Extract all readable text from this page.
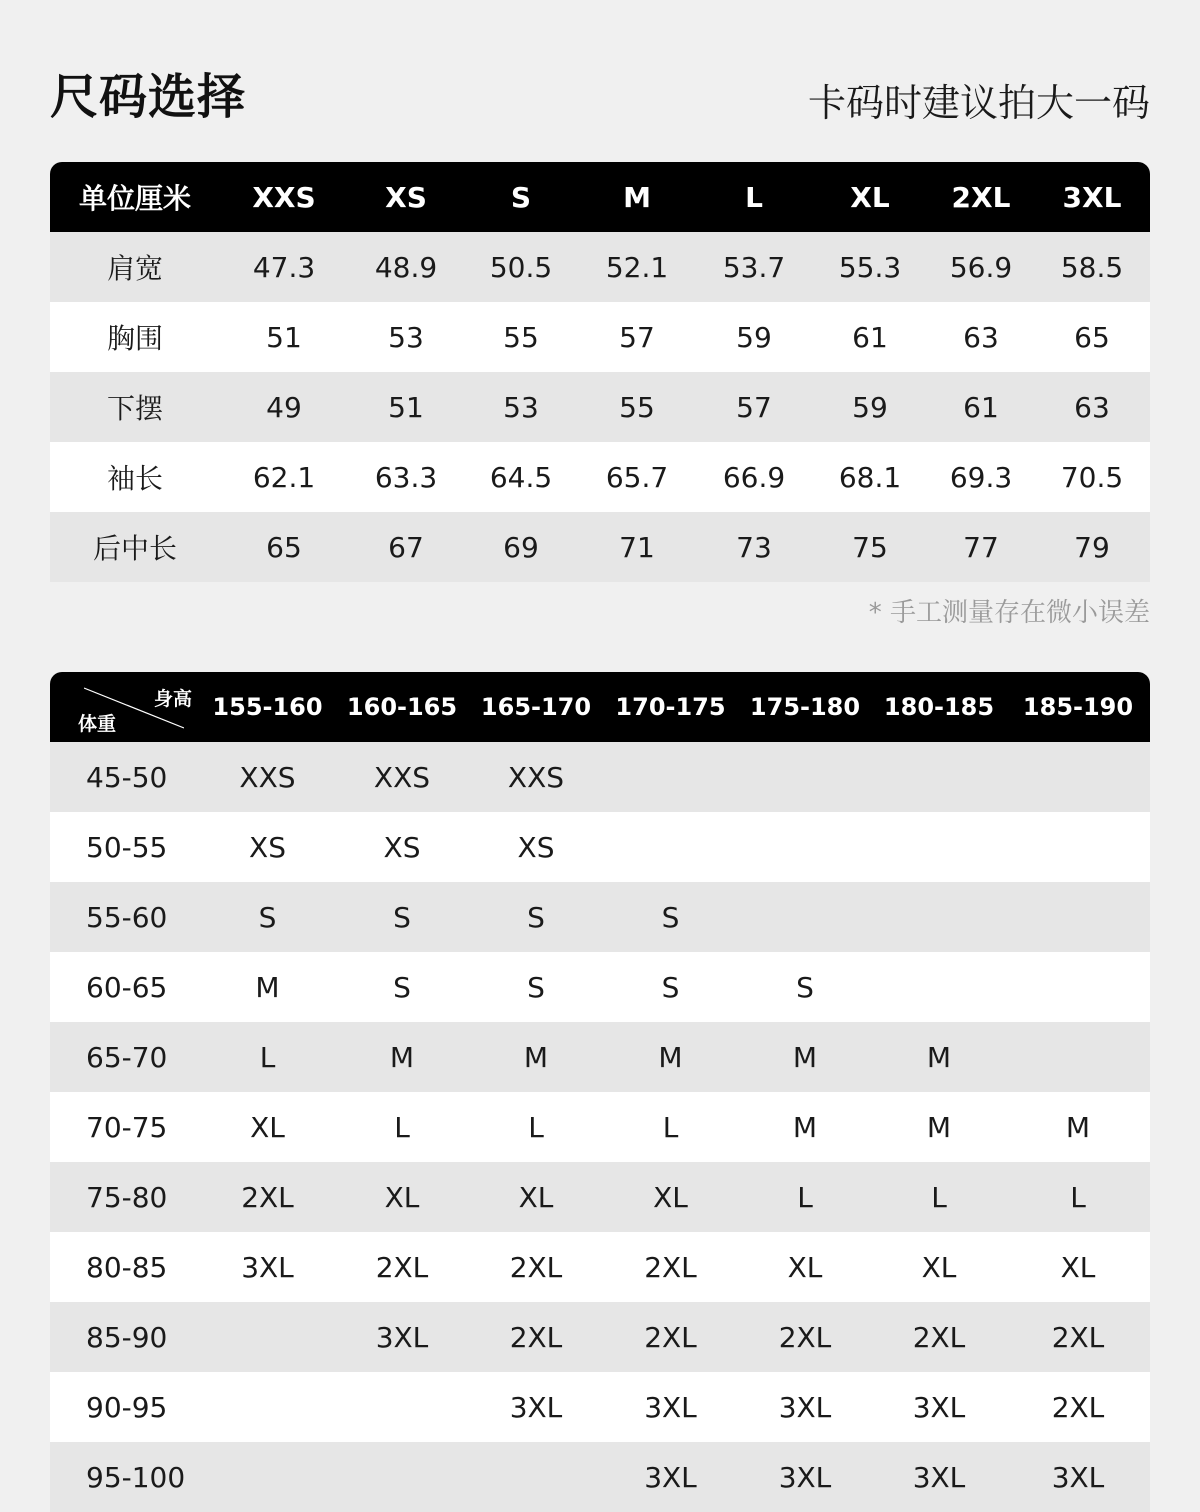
尺码选择	卡码时建议拍大一码
单位厘米	XXS	XS	S	M	L	XL	2XL	3XL
肩宽	47.3	48.9	50.5	52.1	53.7	55.3	56.9	58.5
胸围	51	53	55	57	59	61	63	65
下摆	49	51	53	55	57	59	61	63
袖长	62.1	63.3	64.5	65.7	66.9	68.1	69.3	70.5
后中长	65	67	69	71	73	75	77	79
* 手工测量存在微小误差
身高
体重	155-160	160-165	165-170	170-175	175-180	180-185	185-190
45-50	XXS	XXS	XXS				
50-55	XS	XS	XS				
55-60	S	S	S	S			
60-65	M	S	S	S	S		
65-70	L	M	M	M	M	M	
70-75	XL	L	L	L	M	M	M
75-80	2XL	XL	XL	XL	L	L	L
80-85	3XL	2XL	2XL	2XL	XL	XL	XL
85-90		3XL	2XL	2XL	2XL	2XL	2XL
90-95			3XL	3XL	3XL	3XL	2XL
95-100				3XL	3XL	3XL	3XL
